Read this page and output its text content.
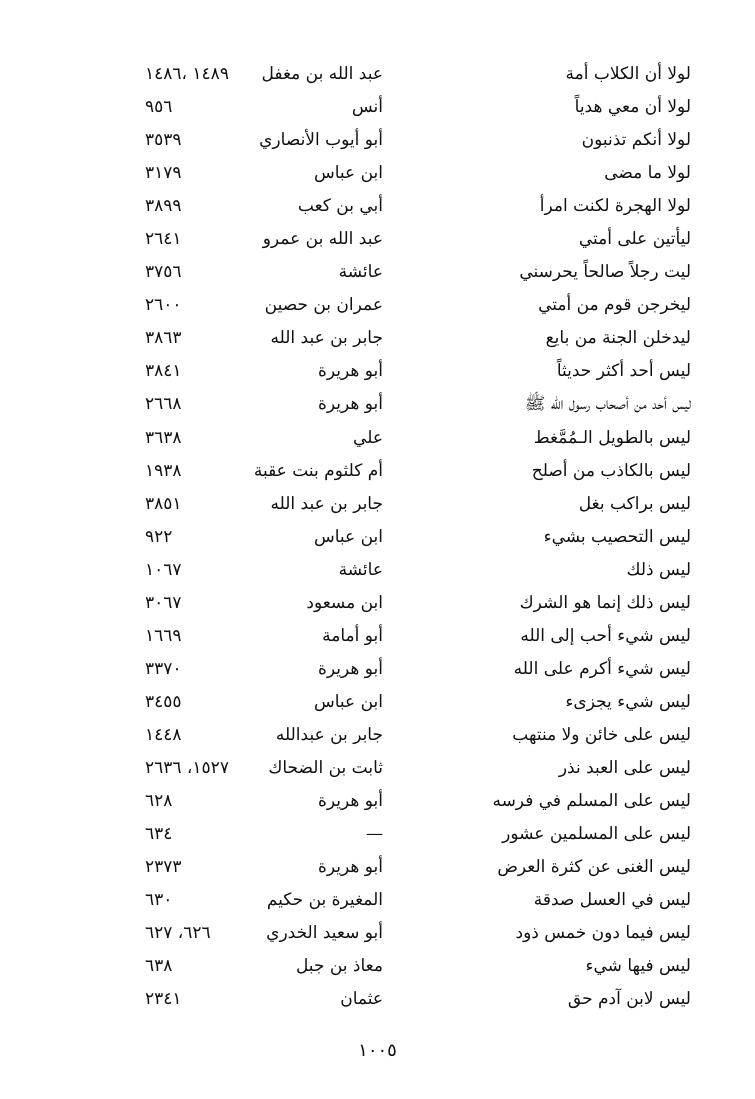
لولا أن الكلاب أمة
عبد الله بن مغفل
١٤٨٩ ،١٤٨٦
لولا أن معي هدياً
أنس
٩٥٦
لولا أنكم تذنبون
أبو أيوب الأنصاري
٣٥٣٩
لولا ما مضى
ابن عباس
٣١٧٩
لولا الهجرة لكنت امرأ
أبي بن كعب
٣٨٩٩
ليأتين على أمتي
عبد الله بن عمرو
٢٦٤١
ليت رجلاً صالحاً يحرسني
عائشة
٣٧٥٦
ليخرجن قوم من أمتي
عمران بن حصين
٢٦٠٠
ليدخلن الجنة من بايع
جابر بن عبد الله
٣٨٦٣
ليس أحد أكثر حديثاً
أبو هريرة
٣٨٤١
ليس أحد من أصحاب رسول الله ﷺ
أبو هريرة
٢٦٦٨
ليس بالطويل الـمُمَّغط
علي
٣٦٣٨
ليس بالكاذب من أصلح
أم كلثوم بنت عقبة
١٩٣٨
ليس براكب بغل
جابر بن عبد الله
٣٨٥١
ليس التحصيب بشيء
ابن عباس
٩٢٢
ليس ذلك
عائشة
١٠٦٧
ليس ذلك إنما هو الشرك
ابن مسعود
٣٠٦٧
ليس شيء أحب إلى الله
أبو أمامة
١٦٦٩
ليس شيء أكرم على الله
أبو هريرة
٣٣٧٠
ليس شيء يجزىء
ابن عباس
٣٤٥٥
ليس على خائن ولا منتهب
جابر بن عبدالله
١٤٤٨
ليس على العبد نذر
ثابت بن الضحاك
١٥٢٧، ٢٦٣٦
ليس على المسلم في فرسه
أبو هريرة
٦٢٨
ليس على المسلمين عشور
—
٦٣٤
ليس الغنى عن كثرة العرض
أبو هريرة
٢٣٧٣
ليس في العسل صدقة
المغيرة بن حكيم
٦٣٠
ليس فيما دون خمس ذود
أبو سعيد الخدري
٦٢٦، ٦٢٧
ليس فيها شيء
معاذ بن جبل
٦٣٨
ليس لابن آدم حق
عثمان
٢٣٤١
١٠٠٥
